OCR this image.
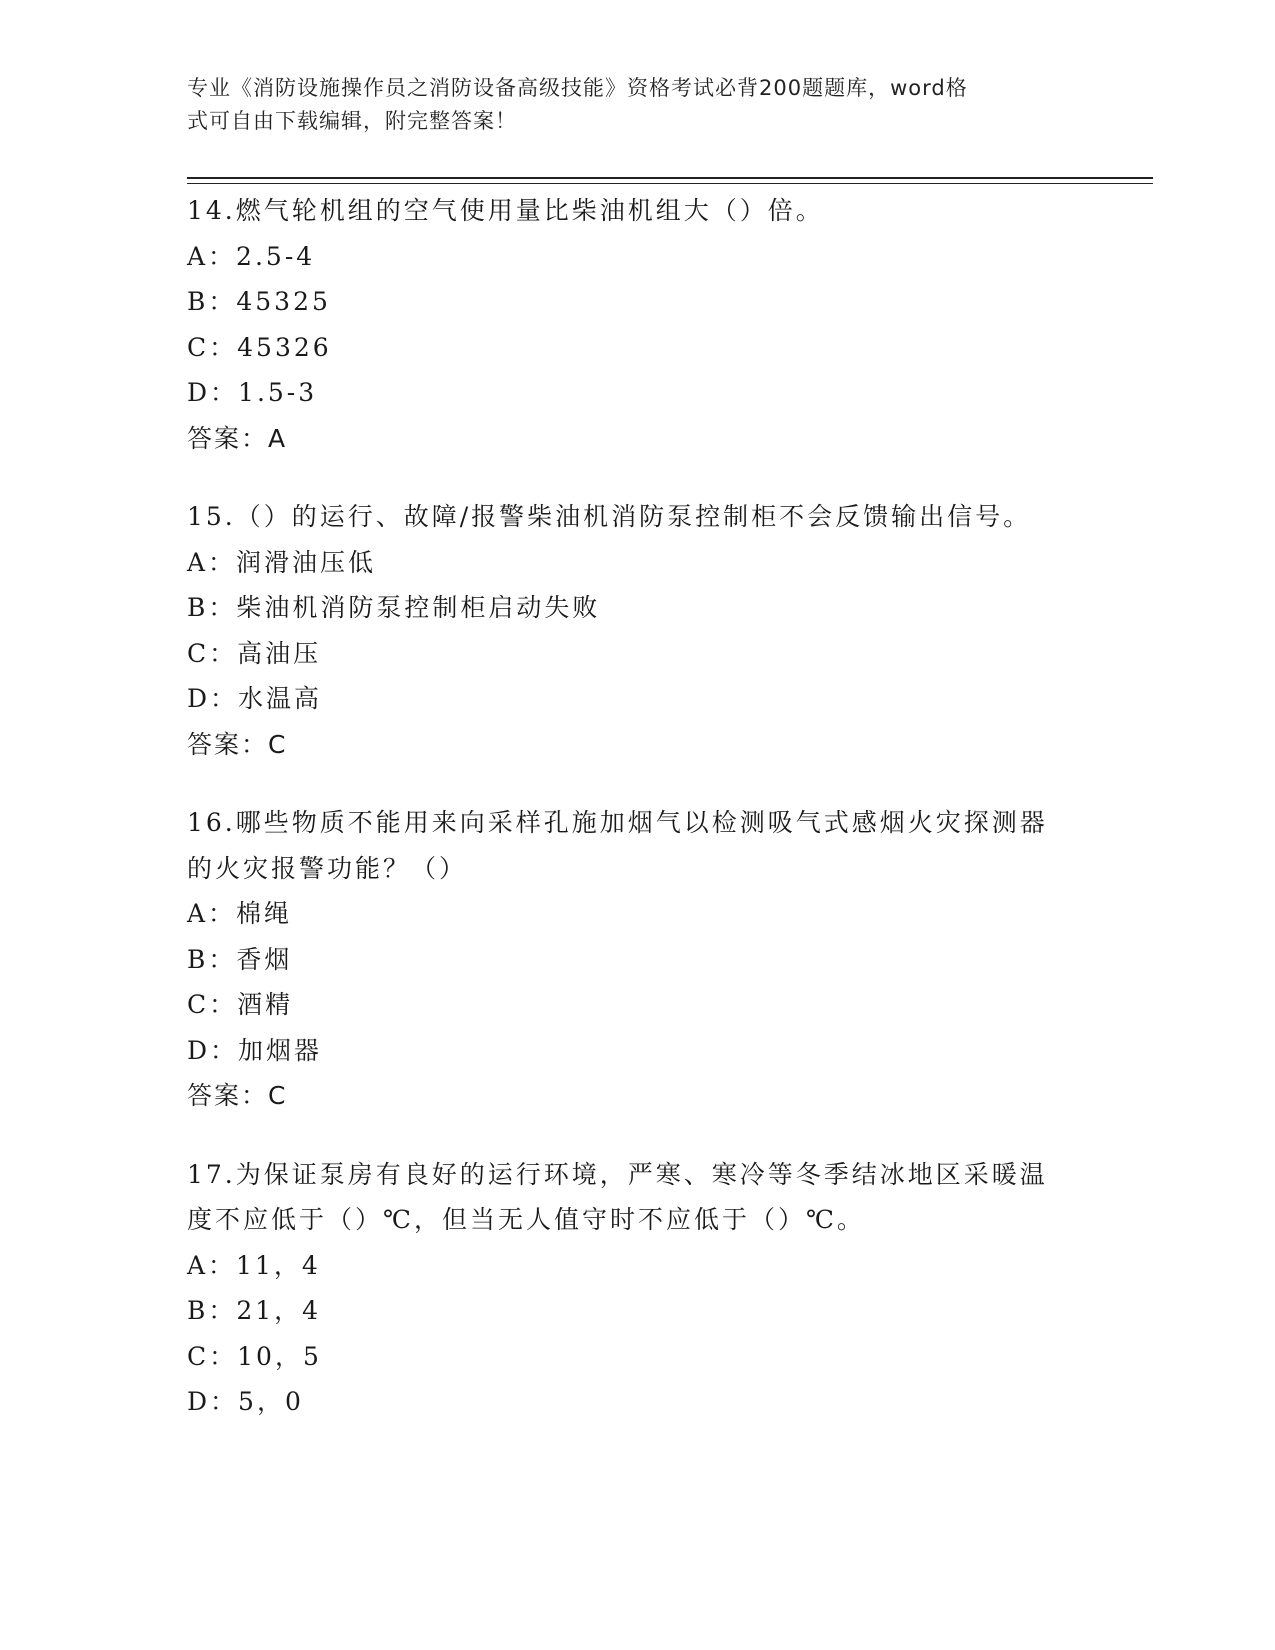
专业《消防设施操作员之消防设备高级技能》资格考试必背200题题库，word格
式可自由下载编辑，附完整答案！
14.燃气轮机组的空气使用量比柴油机组大（）倍。
A：2.5-4
B：45325
C：45326
D：1.5-3
答案：A
15.（）的运行、故障/报警柴油机消防泵控制柜不会反馈输出信号。
A：润滑油压低
B：柴油机消防泵控制柜启动失败
C：高油压
D：水温高
答案：C
16.哪些物质不能用来向采样孔施加烟气以检测吸气式感烟火灾探测器
的火灾报警功能？（）
A：棉绳
B：香烟
C：酒精
D：加烟器
答案：C
17.为保证泵房有良好的运行环境，严寒、寒冷等冬季结冰地区采暖温
度不应低于（）℃，但当无人值守时不应低于（）℃。
A：11，4
B：21，4
C：10，5
D：5，0
